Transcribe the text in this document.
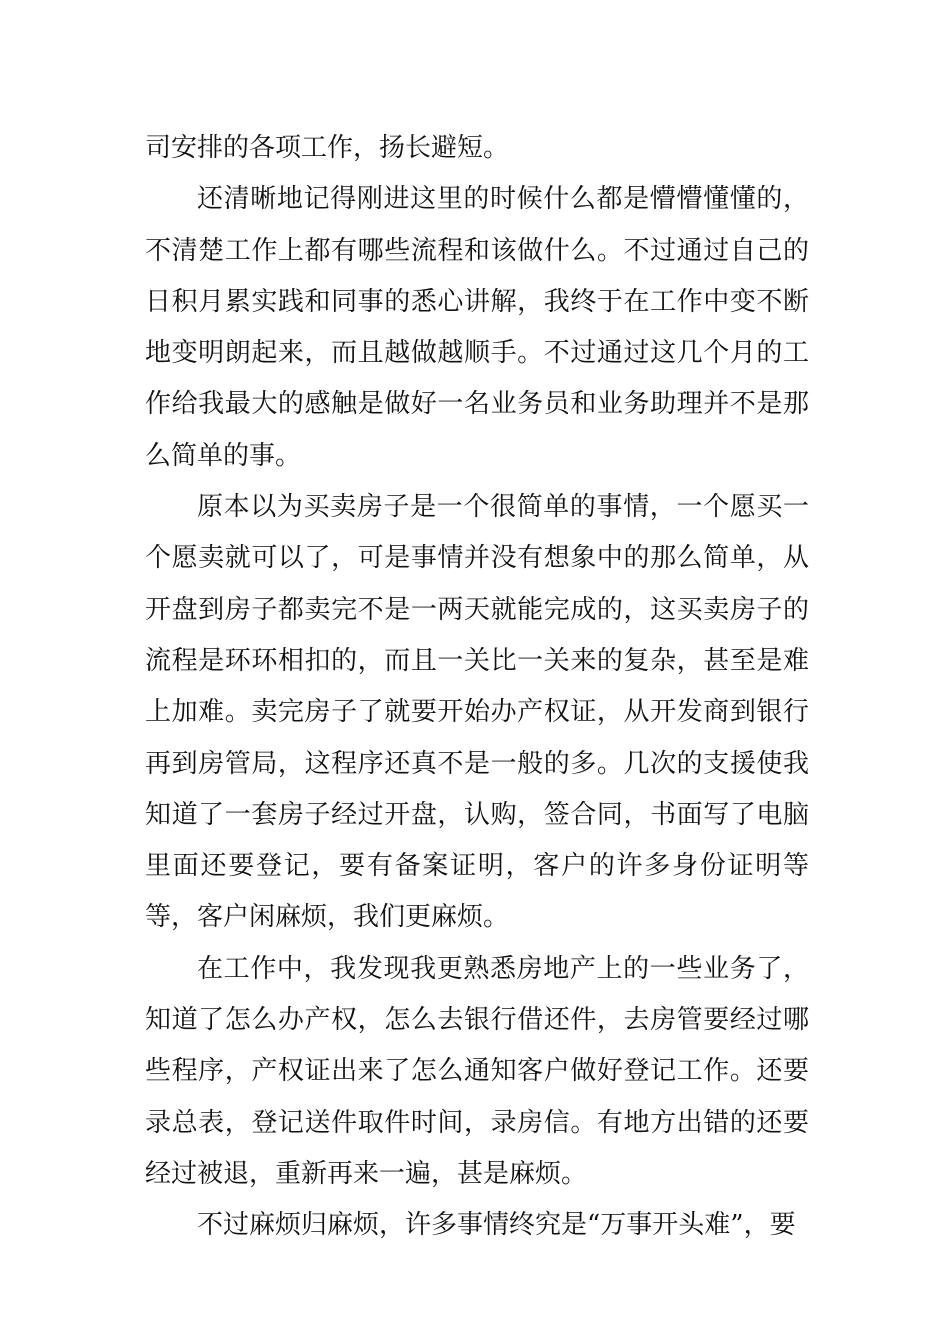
司安排的各项工作，扬长避短。

还清晰地记得刚进这里的时候什么都是懵懵懂懂的，不清楚工作上都有哪些流程和该做什么。不过通过自己的日积月累实践和同事的悉心讲解，我终于在工作中变不断地变明朗起来，而且越做越顺手。不过通过这几个月的工作给我最大的感触是做好一名业务员和业务助理并不是那么简单的事。

原本以为买卖房子是一个很简单的事情，一个愿买一个愿卖就可以了，可是事情并没有想象中的那么简单，从开盘到房子都卖完不是一两天就能完成的，这买卖房子的流程是环环相扣的，而且一关比一关来的复杂，甚至是难上加难。卖完房子了就要开始办产权证，从开发商到银行再到房管局，这程序还真不是一般的多。几次的支援使我知道了一套房子经过开盘，认购，签合同，书面写了电脑里面还要登记，要有备案证明，客户的许多身份证明等等，客户闲麻烦，我们更麻烦。

在工作中，我发现我更熟悉房地产上的一些业务了，知道了怎么办产权，怎么去银行借还件，去房管要经过哪些程序，产权证出来了怎么通知客户做好登记工作。还要录总表，登记送件取件时间，录房信。有地方出错的还要经过被退，重新再来一遍，甚是麻烦。

不过麻烦归麻烦，许多事情终究是“万事开头难”，要
